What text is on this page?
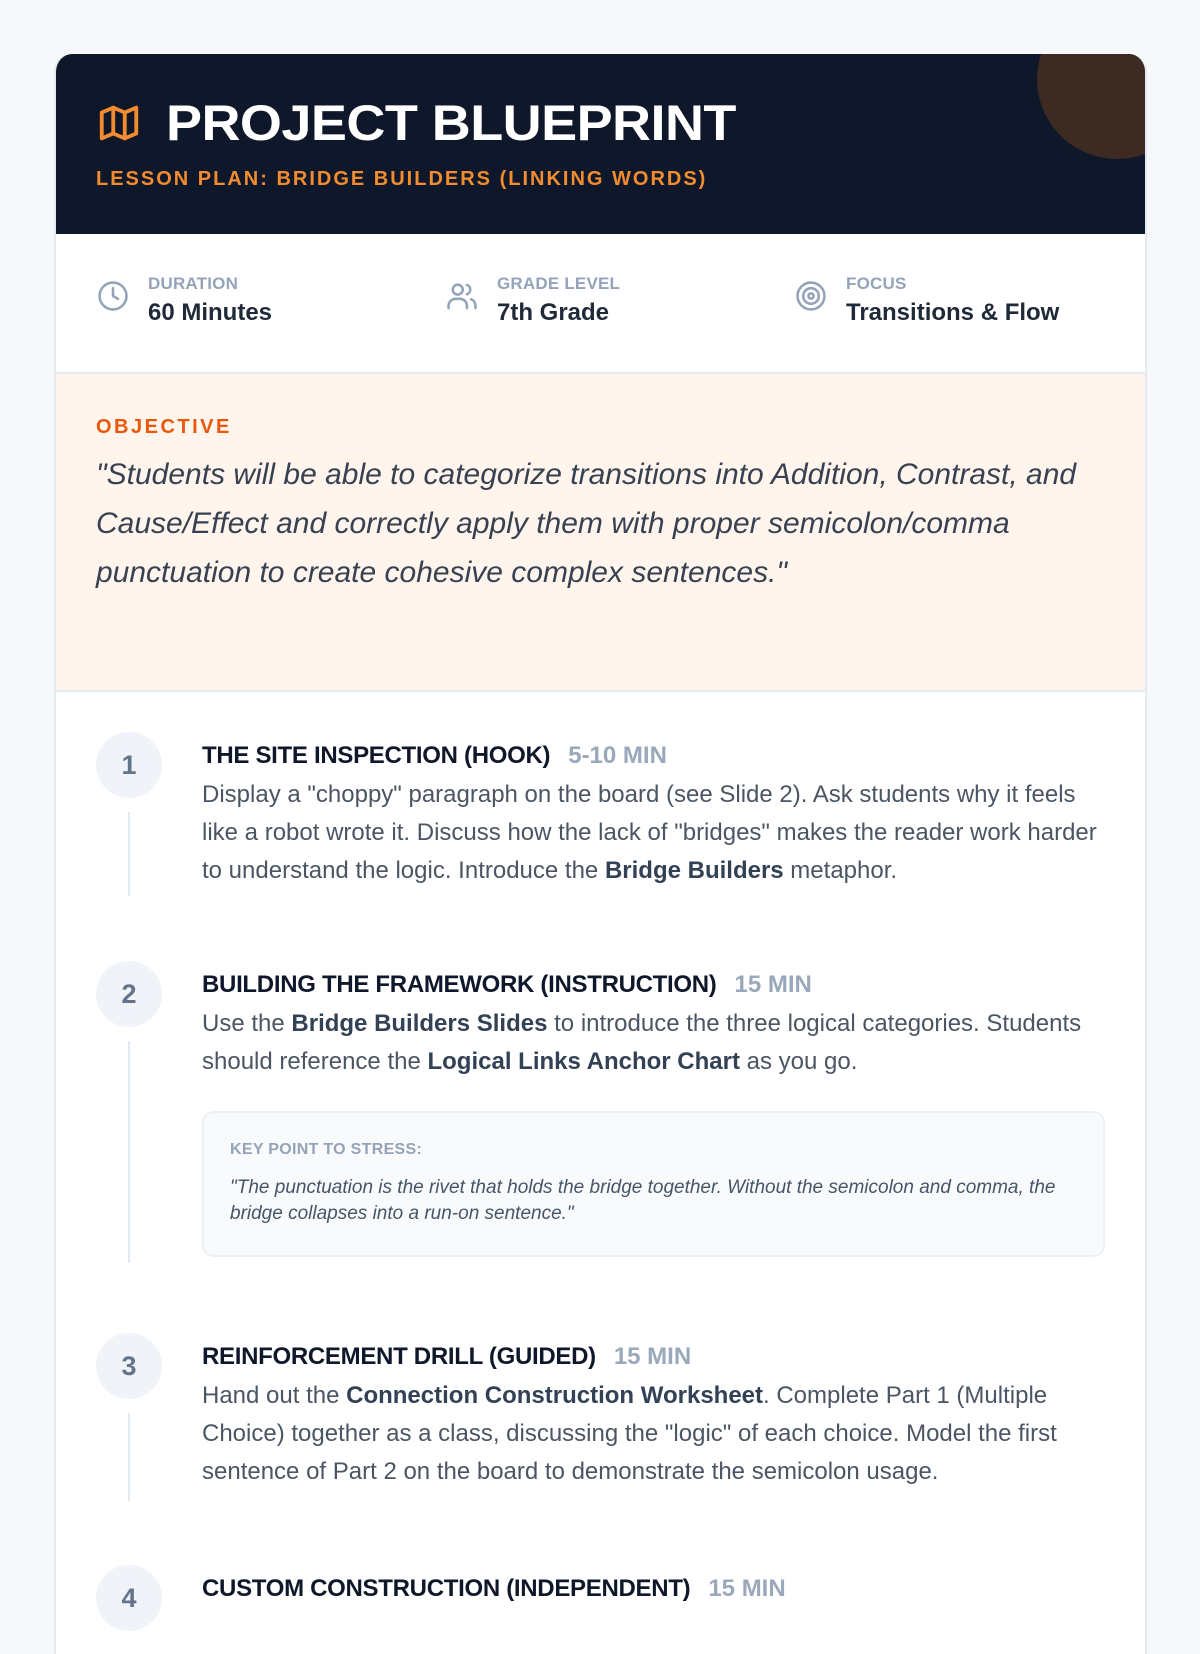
PROJECT BLUEPRINT
LESSON PLAN: BRIDGE BUILDERS (LINKING WORDS)
DURATION
60 Minutes
GRADE LEVEL
7th Grade
FOCUS
Transitions & Flow
OBJECTIVE

"Students will be able to categorize transitions into Addition, Contrast, and Cause/Effect and correctly apply them with proper semicolon/comma punctuation to create cohesive complex sentences."

1	THE SITE INSPECTION (HOOK) 5-10 MIN

Display a "choppy" paragraph on the board (see Slide 2). Ask students why it feels like a robot wrote it. Discuss how the lack of "bridges" makes the reader work harder to understand the logic. Introduce the Bridge Builders metaphor.

2	BUILDING THE FRAMEWORK (INSTRUCTION) 15 MIN

Use the Bridge Builders Slides to introduce the three logical categories. Students should reference the Logical Links Anchor Chart as you go.

KEY POINT TO STRESS:

"The punctuation is the rivet that holds the bridge together. Without the semicolon and comma, the bridge collapses into a run-on sentence."

3	REINFORCEMENT DRILL (GUIDED) 15 MIN

Hand out the Connection Construction Worksheet. Complete Part 1 (Multiple Choice) together as a class, discussing the "logic" of each choice. Model the first sentence of Part 2 on the board to demonstrate the semicolon usage.

4	CUSTOM CONSTRUCTION (INDEPENDENT) 15 MIN
